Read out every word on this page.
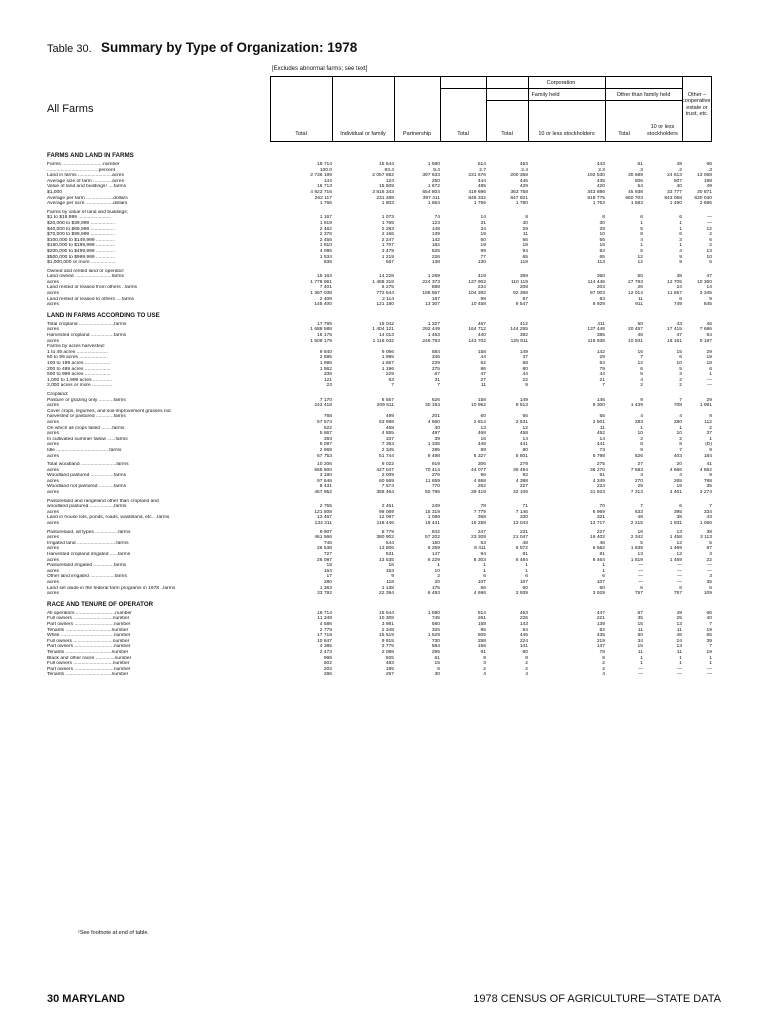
Table 30. Summary by Type of Organization: 1978
[Excludes abnormal farms; see text]
All Farms
Total	Individual or family	Partnership
Corporation
Total
Family held
Total	10 or less stockholders
Other than family held
Total
10 or less stockholders
Other – cooperative, estate or trust, etc.
FARMS AND LAND IN FARMS
Farms ..............................number	18 714	15 544	1 580	514	453	443	61	49	66
......................................percent	100.0	83.4	8.4	2.7	2.4	2.3	.3	.2	.3
Land in farms .........................acres	2 736 199	2 057 682	397 633	231 676	200 358	192 530	30 689	24 613	13 068
Average size of farm ..............acres	144	124	250	444	445	435	506	507	198
Value of land and buildings¹ ....farms	16 713	15 509	1 672	485	429	420	54	40	49
$1,000	4 923 716	3 818 343	654 804	419 696	363 758	343 886	45 938	33 777	30 871
Average per farm ....................dollars	262 117	231 288	397 411	848 332	847 921	818 775	650 703	843 068	630 040
Average per acre ....................dollars	1 766	1 803	1 564	1 756	1 780	1 763	1 583	1 490	2 686
Farms by value of land and buildings:
$1 to $19,999 ........................	1 167	1 073	74	14	8	8	6	6	—
$20,000 to $39,999 ..................	1 919	1 765	123	31	30	30	1	1	—
$40,000 to $69,999 ..................	2 462	2 283	148	34	29	29	5	1	12
$70,000 to $99,999 ..................	2 376	2 166	139	19	11	10	8	6	2
$100,000 to $149,999 ..............	2 455	2 247	142	60	56	56	4	3	6
$150,000 to $199,999 ..............	1 910	1 707	182	19	18	16	1	1	2
$200,000 to $499,999 ..............	4 096	3 479	525	99	94	93	5	4	13
$500,000 to $999,999 ..............	1 534	1 219	226	77	65	65	12	9	10
$1,000,000 or more ..................	835	567	138	130	118	113	12	9	5
Owned and rented land or operator:
Land owned ...........................farms	15 163	14 228	1 269	419	369	360	50	38	47
acres	1 778 961	1 488 318	224 373	137 902	110 119	114 446	27 783	12 705	10 360
Land rented or leased from others ..farms	7 401	6 275	888	234	208	203	26	24	14
acres	1 367 038	772 544	186 567	104 392	92 368	87 003	12 014	11 657	3 345
Land rented or leased to others ....farms	2 408	2 114	187	98	87	83	11	6	9
acres	145 400	121 180	13 307	10 458	9 547	8 929	911	749	845
LAND IN FARMS ACCORDING TO USE
Total cropland ..........................farms	17 795	15 042	1 327	467	412	411	50	43	46
acres	1 688 588	1 404 121	292 449	164 712	144 255	137 448	20 457	17 415	7 686
Harvested cropland .................farms	16 175	14 013	1 463	440	392	385	48	47	64
acres	1 509 179	1 116 032	246 793	143 702	125 811	118 936	10 931	16 161	5 197
Farms by acres harvested:
1 to 49 acres .......................	9 840	9 066	584	158	149	142	16	15	29
50 to 99 acres .....................	2 595	1 995	346	44	37	29	7	6	18
100 to 199 acres ...................	1 996	1 657	229	62	58	54	12	10	18
200 to 499 acres ...................	1 562	1 196	275	86	80	79	6	5	6
500 to 999 acres ...................	338	229	67	47	44	44	5	3	1
1,000 to 1,999 acres ..............	121	63	31	27	22	21	4	2	—
2,000 acres or more ...............	23	7	7	11	9	7	2	2	—
Cropland:
Pasture or grazing only ...........farms	7 170	6 557	626	158	149	146	9	7	29
acres	243 418	209 511	30 164	10 952	9 513	9 300	1 439	708	1 991
Cover crops, legumes, and soil-improvement grasses not
harvested or pastured .............farms	768	499	201	60	56	55	4	4	8
acres	57 574	53 988	4 660	2 814	2 531	2 501	283	280	112
On which all crops failed ........farms	522	458	40	13	12	11	1	1	2
acres	5 867	4 855	497	468	458	452	10	10	37
In cultivated summer fallow ......farms	393	337	39	16	14	14	2	2	1
acres	5 097	7 353	1 335	449	441	441	8	8	(D)
Idle .......................................farms	2 968	2 345	285	89	80	73	9	7	9
acres	67 753	51 744	9 498	6 327	5 801	5 798	526	403	184
Total woodland ..........................farms	10 206	9 022	919	306	279	275	27	20	41
acres	655 600	427 047	70 414	44 077	36 494	36 270	7 583	4 666	4 862
Woodland pastured .................farms	3 190	2 009	276	96	92	91	4	4	9
acres	97 646	60 569	11 659	4 658	4 388	4 349	270	265	788
Woodland not pastured ...........farms	8 431	7 574	770	252	227	224	25	18	35
acres	457 952	358 464	50 795	39 419	32 106	31 923	7 313	4 401	3 274
Pastureland and rangeland other than cropland and
woodland pastured ..................farms	2 755	2 451	249	78	71	70	7	6	7
acres	121 508	98 069	15 319	7 779	7 146	6 969	633	395	334
Land in house lots, ponds, roads, wasteland, etc. ..farms	13 467	12 097	1 089	368	330	321	48	38	43
acres	134 211	118 446	19 441	15 258	13 043	12 717	2 215	1 931	1 066
Pastureland, all types .................farms	9 907	8 779	842	247	231	227	16	13	38
acres	461 566	380 902	57 202	23 309	21 047	19 402	2 342	1 458	3 113
Irrigated land .............................farms	746	544	150	53	48	46	5	12	5
acres	26 538	13 806	6 259	8 411	6 572	6 582	1 839	1 469	57
Harvested cropland irrigated ......farms	727	531	147	94	81	81	13	12	3
acres	26 087	13 535	6 229	8 303	6 484	6 464	1 819	1 469	22
Pastureland irrigated ...............farms	18	16	1	1	1	1	—	—	—
acres	164	153	10	1	1	1	—	—	—
Other land irrigated ..................farms	17	9	2	6	6	6	—	—	3
acres	280	118	20	107	107	107	—	—	35
Land set aside in the federal farm programs in 1978 ..farms	1 363	1 138	175	66	60	60	6	6	6
acres	33 792	22 394	6 493	4 696	3 939	3 929	757	757	109
RACE AND TENURE OF OPERATOR
All operators .............................number	16 714	15 544	1 590	514	453	447	67	49	66
Full owners .............................number	11 349	10 308	745	261	226	221	35	25	40
Part owners .............................number	4 586	3 981	580	158	143	139	15	13	7
Tenants ..................................number	2 779	2 348	325	95	84	82	11	11	19
White .......................................number	17 718	15 619	1 529	505	445	435	60	46	65
Full owners .............................number	10 847	9 815	730	258	224	219	34	24	39
Part owners .............................number	4 385	3 775	584	156	141	137	15	13	7
Tenants ..................................number	2 473	2 088	295	91	80	78	11	11	19
Black and other races ..............number	996	925	61	9	8	8	1	1	1
Full owners .............................number	502	483	15	3	2	2	1	1	1
Part owners .............................number	203	185	6	2	2	2	—	—	—
Tenants ..................................number	286	257	30	4	4	4	—	—	—
¹See footnote at end of table.
30 MARYLAND	1978 CENSUS OF AGRICULTURE—STATE DATA
